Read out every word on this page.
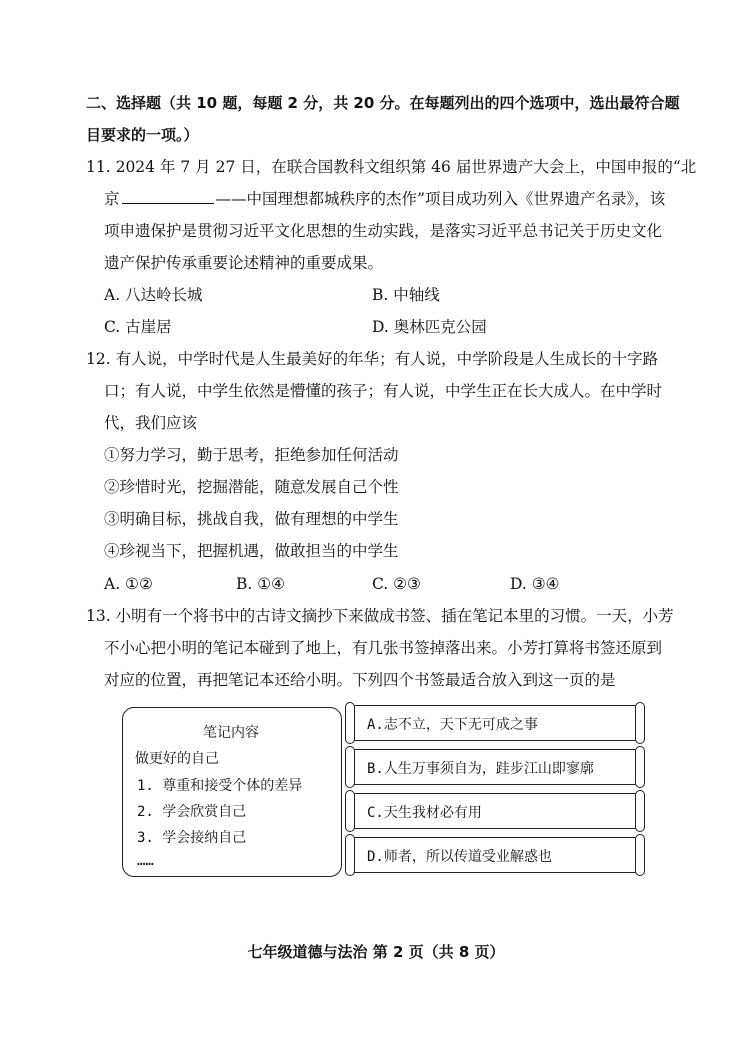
二、选择题（共 10 题，每题 2 分，共 20 分。在每题列出的四个选项中，选出最符合题
目要求的一项。）
11. 2024 年 7 月 27 日，在联合国教科文组织第 46 届世界遗产大会上，中国申报的“北
京	——中国理想都城秩序的杰作”项目成功列入《世界遗产名录》，该
项申遗保护是贯彻习近平文化思想的生动实践，是落实习近平总书记关于历史文化
遗产保护传承重要论述精神的重要成果。
A. 八达岭长城	B. 中轴线
C. 古崖居	D. 奥林匹克公园
12. 有人说，中学时代是人生最美好的年华；有人说，中学阶段是人生成长的十字路
口；有人说，中学生依然是懵懂的孩子；有人说，中学生正在长大成人。在中学时
代，我们应该
①努力学习，勤于思考，拒绝参加任何活动
②珍惜时光，挖掘潜能，随意发展自己个性
③明确目标，挑战自我，做有理想的中学生
④珍视当下，把握机遇，做敢担当的中学生
A. ①②	B. ①④	C. ②③	D. ③④
13. 小明有一个将书中的古诗文摘抄下来做成书签、插在笔记本里的习惯。一天，小芳
不小心把小明的笔记本碰到了地上，有几张书签掉落出来。小芳打算将书签还原到
对应的位置，再把笔记本还给小明。下列四个书签最适合放入到这一页的是
笔记内容
做更好的自己
1. 尊重和接受个体的差异
2. 学会欣赏自己
3. 学会接纳自己
……
A.志不立，天下无可成之事
B.人生万事须自为，跬步江山即寥廓
C.天生我材必有用
D.师者，所以传道受业解惑也
七年级道德与法治 第 2 页（共 8 页）
